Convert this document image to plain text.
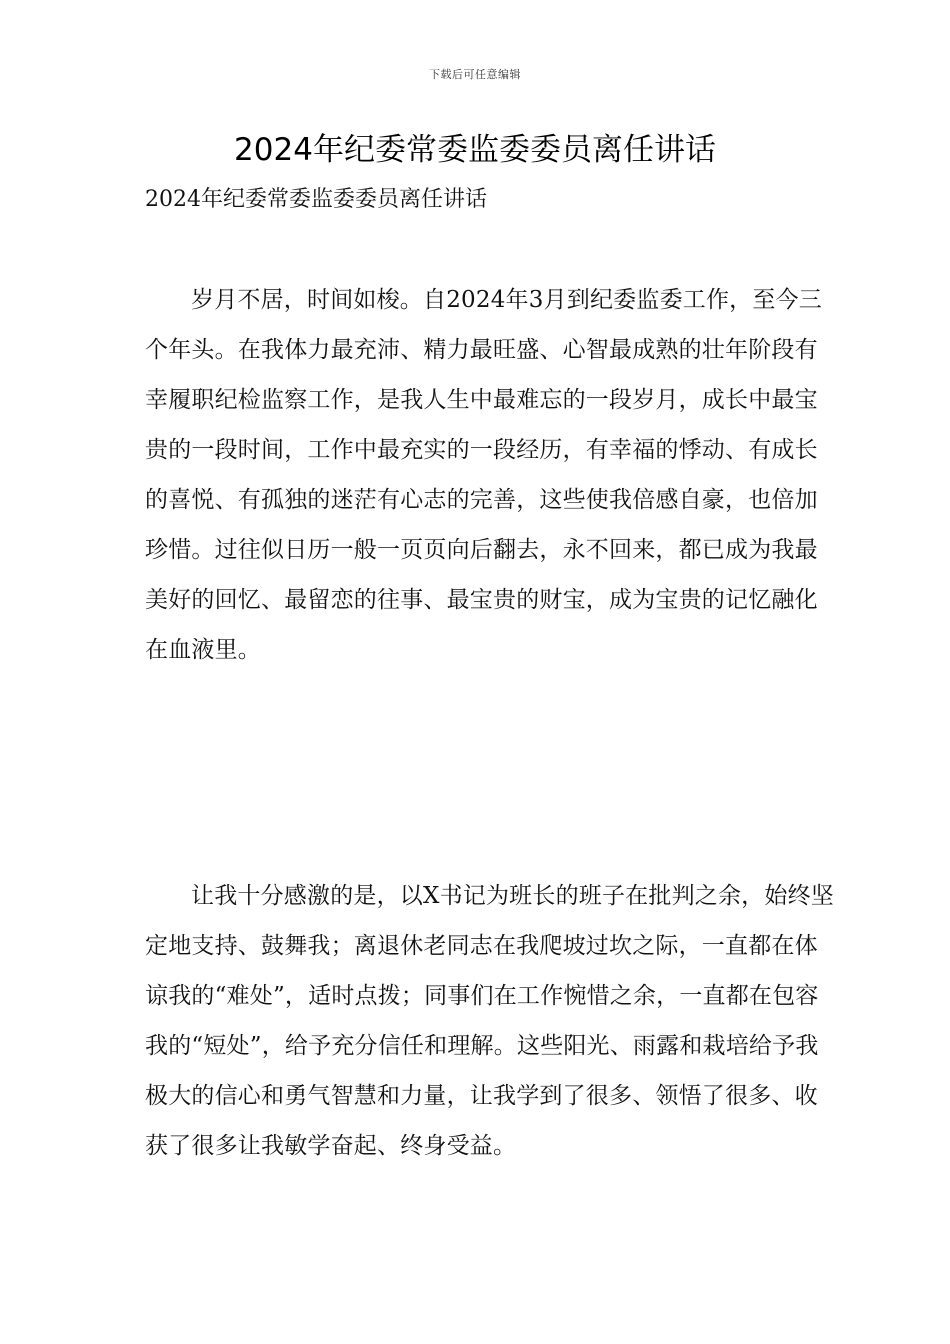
下载后可任意编辑
2024年纪委常委监委委员离任讲话

2024年纪委常委监委委员离任讲话

岁月不居，时间如梭。自2024年3月到纪委监委工作，至今三个年头。在我体力最充沛、精力最旺盛、心智最成熟的壮年阶段有幸履职纪检监察工作，是我人生中最难忘的一段岁月，成长中最宝贵的一段时间，工作中最充实的一段经历，有幸福的悸动、有成长的喜悦、有孤独的迷茫有心志的完善，这些使我倍感自豪，也倍加珍惜。过往似日历一般一页页向后翻去，永不回来，都已成为我最美好的回忆、最留恋的往事、最宝贵的财宝，成为宝贵的记忆融化在血液里。

让我十分感激的是，以X书记为班长的班子在批判之余，始终坚定地支持、鼓舞我；离退休老同志在我爬坡过坎之际，一直都在体谅我的“难处”，适时点拨；同事们在工作惋惜之余，一直都在包容我的“短处”，给予充分信任和理解。这些阳光、雨露和栽培给予我极大的信心和勇气智慧和力量，让我学到了很多、领悟了很多、收获了很多让我敏学奋起、终身受益。
